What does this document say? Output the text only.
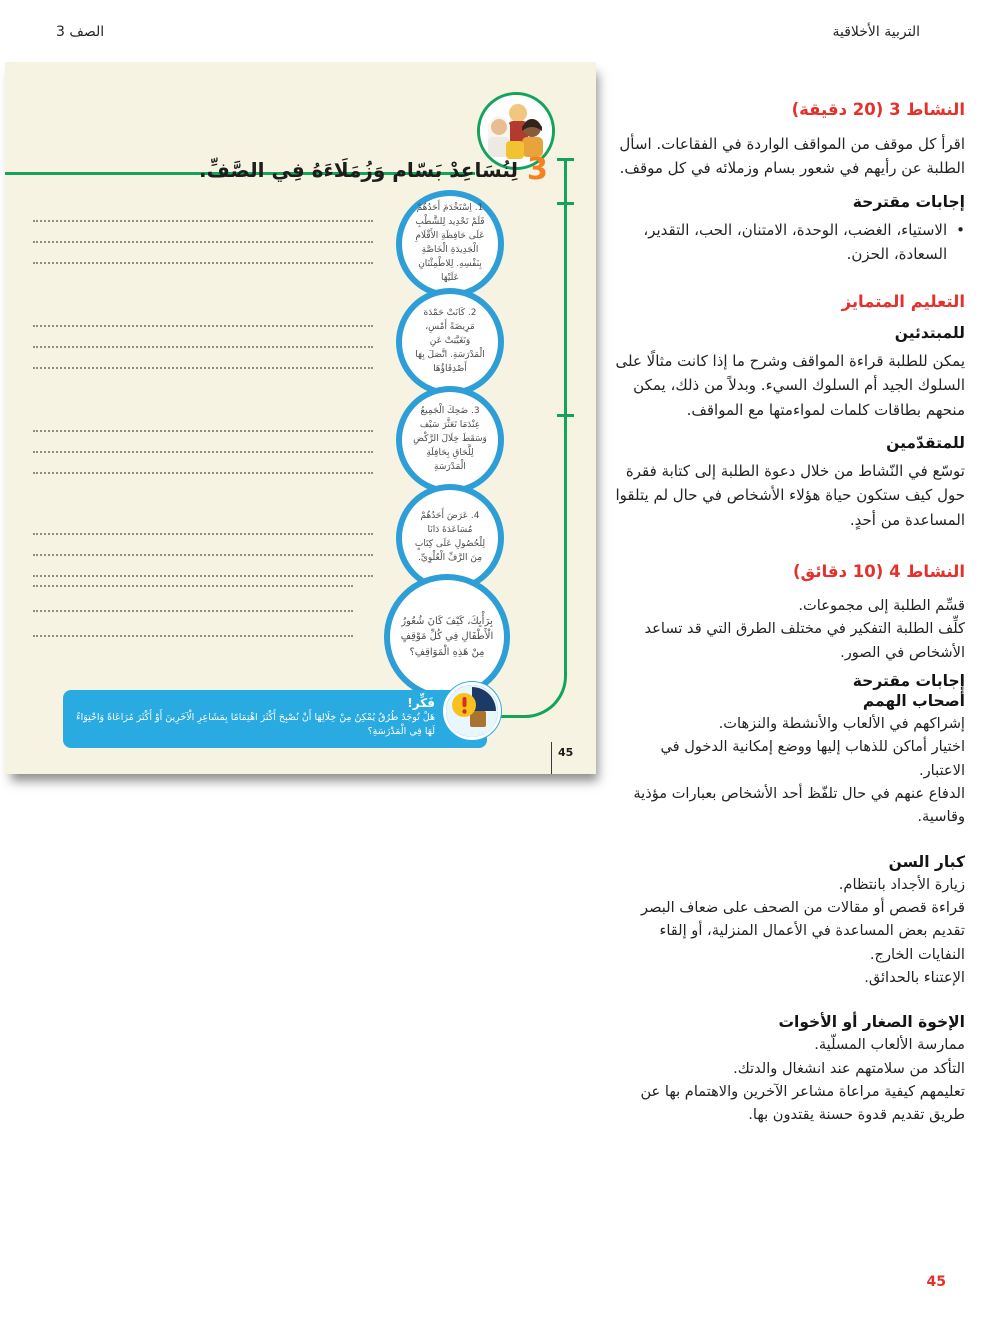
التربية الأخلاقية
الصف 3
3
لِنُسَاعِدْ بَسّام وَزُمَلَاءَهُ فِي الصَّفِّ.

1. اِسْتَخْدَمَ أَحَدُهُمْ قَلَمْ تَحْدِيد لِلشَّطْبِ عَلَى حَافِظَةِ الأَقْلَامِ الْجَدِيدَةِ الْخَاصَّةِ بِنَفْسِهِ. لِلاطْمِئْنَانِ عَلَيْهَا

2. كَانَتْ حَمْدَة مَرِيضَةً أَمْسِ، وَتَغَيَّبَتْ عَنِ الْمَدْرَسَةِ. اتَّصَلَ بِهَا أَصْدِقَاؤُهَا

3. ضَحِكَ الْجَمِيعُ عِنْدَمَا تَعَثَّرَ سَيْف وَسَقَطَ خِلَالَ الرَّكْضِ لِلَّحَاقِ بِحَافِلَةِ الْمَدْرَسَةِ

4. عَرَضَ أَحَدُهُمْ مُسَاعَدَةَ دَانَا لِلْحُصُولِ عَلَى كِتَابٍ مِنَ الرَّفِّ الْعُلْوِيِّ.

بِرَأْيِكَ، كَيْفَ كَانَ شُعُورُ الْأَطْفَالِ فِي كُلِّ مَوْقِفٍ مِنْ هَذِهِ الْمَوَاقِفِ؟

فَكِّر!
هَلْ تُوجَدُ طُرُقٌ يُمْكِنُ مِنْ خِلَالِهَا أَنْ نُصْبِحَ أَكْثَرَ اهْتِمَامًا بِمَشَاعِرِ الْآخَرِينَ أَوْ أَكْثَرَ مُرَاعَاةً وَاحْتِوَاءً لَهَا فِي الْمَدْرَسَةِ؟
45
النشاط 3 (20 دقيقة)
اقرأ كل موقف من المواقف الواردة في الفقاعات. اسأل الطلبة عن رأيهم في شعور بسام وزملائه في كل موقف.
إجابات مقترحة
•
الاستياء، الغضب، الوحدة، الامتنان، الحب، التقدير، السعادة، الحزن.
التعليم المتمايز
للمبتدئين
يمكن للطلبة قراءة المواقف وشرح ما إذا كانت مثالًا على السلوك الجيد أم السلوك السيء. وبدلاً من ذلك، يمكن منحهم بطاقات كلمات لمواءمتها مع المواقف.
للمتقدّمين
توسّع في النّشاط من خلال دعوة الطلبة إلى كتابة فقرة حول كيف ستكون حياة هؤلاء الأشخاص في حال لم يتلقوا المساعدة من أحدٍ.
النشاط 4 (10 دقائق)
قسِّم الطلبة إلى مجموعات.
كلِّف الطلبة التفكير في مختلف الطرق التي قد تساعد الأشخاص في الصور.
إجابات مقترحة
أصحاب الهمم
إشراكهم في الألعاب والأنشطة والنزهات.
اختيار أماكن للذهاب إليها ووضع إمكانية الدخول في الاعتبار.
الدفاع عنهم في حال تلفّظ أحد الأشخاص بعبارات مؤذية وقاسية.
كبار السن
زيارة الأجداد بانتظام.
قراءة قصص أو مقالات من الصحف على ضعاف البصر
تقديم بعض المساعدة في الأعمال المنزلية، أو إلقاء النفايات الخارج.
الإعتناء بالحدائق.
الإخوة الصغار أو الأخوات
ممارسة الألعاب المسلّية.
التأكد من سلامتهم عند انشغال والدتك.
تعليمهم كيفية مراعاة مشاعر الآخرين والاهتمام بها عن طريق تقديم قدوة حسنة يقتدون بها.
45
